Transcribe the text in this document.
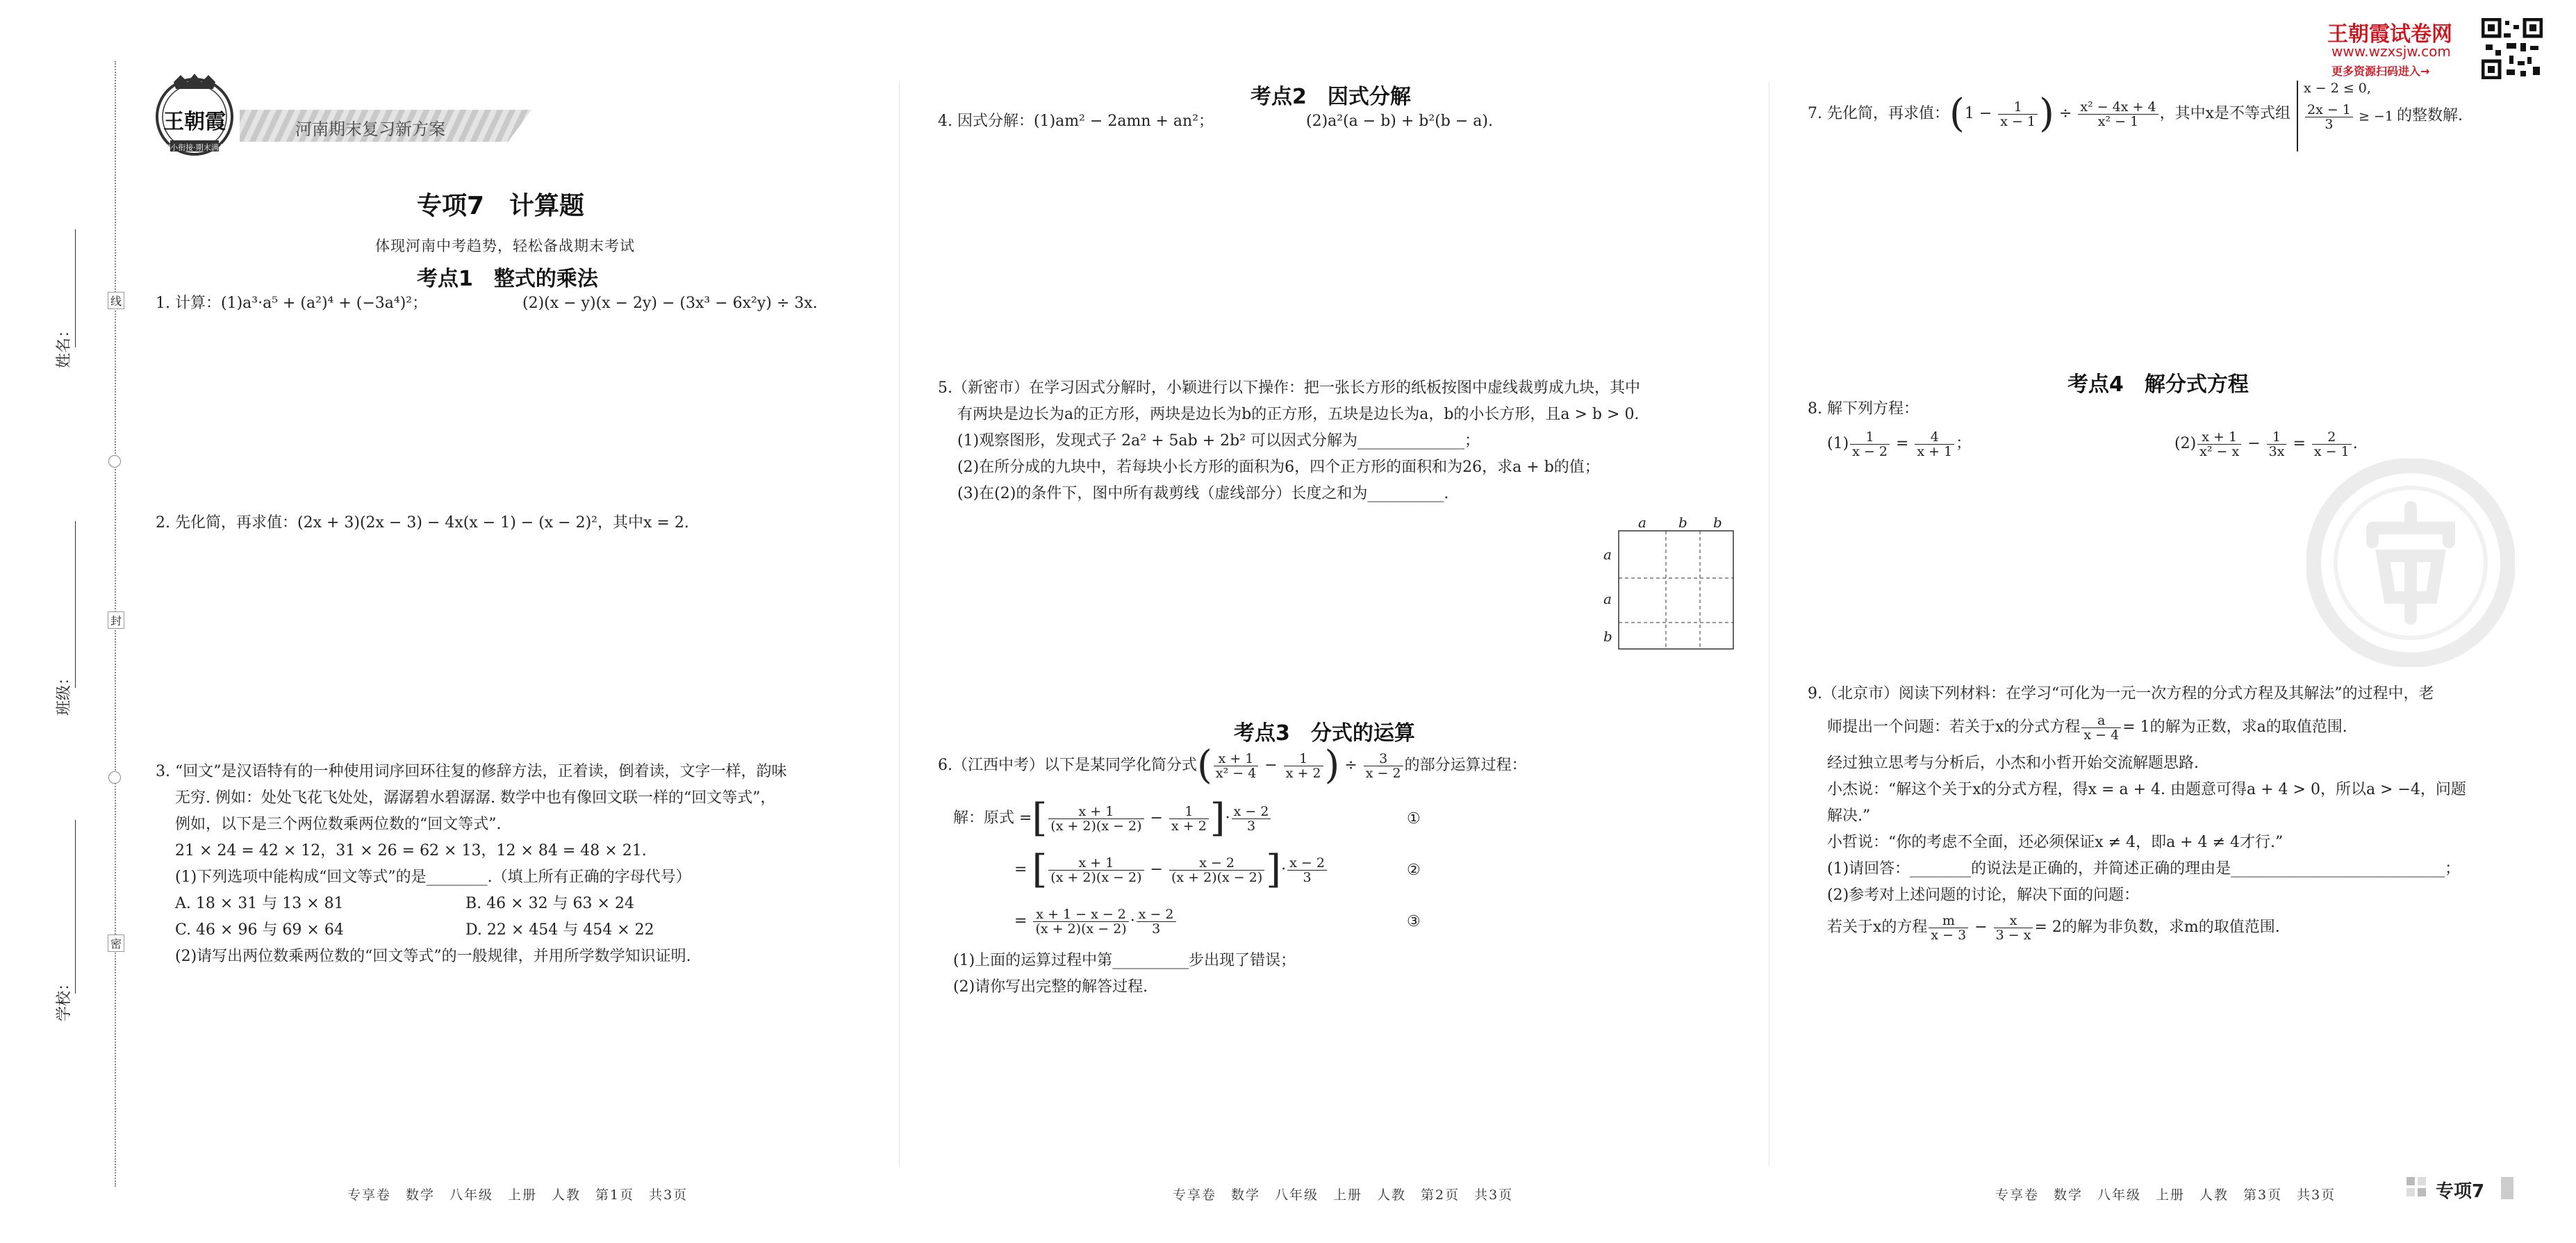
线
封
密
姓名：
班级：
学校：
王朝霞
初小衔接·期末满分
河南期末复习新方案
专项7　计算题
体现河南中考趋势，轻松备战期末考试
考点1　整式的乘法
1. 计算：(1)a³·a⁵ + (a²)⁴ + (−3a⁴)²；	(2)(x − y)(x − 2y) − (3x³ − 6x²y) ÷ 3x.
2. 先化简，再求值：(2x + 3)(2x − 3) − 4x(x − 1) − (x − 2)²，其中x = 2.
3. “回文”是汉语特有的一种使用词序回环往复的修辞方法，正着读，倒着读，文字一样，韵味
无穷. 例如：处处飞花飞处处，潺潺碧水碧潺潺. 数学中也有像回文联一样的“回文等式”，
例如，以下是三个两位数乘两位数的“回文等式”.
21 × 24 = 42 × 12，31 × 26 = 62 × 13，12 × 84 = 48 × 21.
(1)下列选项中能构成“回文等式”的是________.（填上所有正确的字母代号）
A. 18 × 31 与 13 × 81	B. 46 × 32 与 63 × 24
C. 46 × 96 与 69 × 64	D. 22 × 454 与 454 × 22
(2)请写出两位数乘两位数的“回文等式”的一般规律，并用所学数学知识证明.
专享卷　数学　八年级　上册　人教　第1页　共3页
考点2　因式分解
4. 因式分解：(1)am² − 2amn + an²；	(2)a²(a − b) + b²(b − a).
5.（新密市）在学习因式分解时，小颖进行以下操作：把一张长方形的纸板按图中虚线裁剪成九块，其中
有两块是边长为a的正方形，两块是边长为b的正方形，五块是边长为a，b的小长方形，且a > b > 0.
(1)观察图形，发现式子 2a² + 5ab + 2b² 可以因式分解为______________；
(2)在所分成的九块中，若每块小长方形的面积为6，四个正方形的面积和为26，求a + b的值；
(3)在(2)的条件下，图中所有裁剪线（虚线部分）长度之和为__________.
a b b
a
a
b
考点3　分式的运算
6.（江西中考）以下是某同学化简分式( $\frac{x + 1}{\text{x² − 4}} - \frac{1}{x + 2}$ ) ÷ $\frac{3}{x - 2}$ 的部分运算过程：
解：原式 =[ $\frac{x + 1}{(x + 2)(x - 2)} - \frac{1}{x + 2}$ ]· $\frac{x - 2}{3}$	①
= [ $\frac{x + 1}{(x + 2)(x - 2)} - \frac{x - 2}{(x + 2)(x - 2)}$ ]· $\frac{x - 2}{3}$	②
= $\frac{x + 1 - x - 2}{(x + 2)(x - 2)} \cdot \frac{x - 2}{3}$	③
(1)上面的运算过程中第__________步出现了错误；
(2)请你写出完整的解答过程.
专享卷　数学　八年级　上册　人教　第2页　共3页
王朝霞试卷网
www.wzxsjw.com
更多资源扫码进入→
7. 先化简，再求值：($1 - \frac{1}{x - 1}$ ) ÷ $\frac{\text{x² − 4x + 4}}{\text{x² − 1}}$ ，其中x是不等式组
x − 2 ≤ 0,
$\frac{2x - 1}{3} \ge -1$ 的整数解.
考点4　解分式方程
8. 解下列方程：
$(1) \frac{1}{x - 2} = \frac{4}{x + 1}$ ；	$(2) \frac{x + 1}{\text{x² − x}} - \frac{1}{3x} = \frac{2}{x - 1}$ .
9.（北京市）阅读下列材料：在学习“可化为一元一次方程的分式方程及其解法”的过程中，老
师提出一个问题：若关于x的分式方程 $\frac{a}{x - 4} = 1$的解为正数，求a的取值范围.
经过独立思考与分析后，小杰和小哲开始交流解题思路.
小杰说：“解这个关于x的分式方程，得x = a + 4. 由题意可得a + 4 > 0，所以a > −4，问题
解决.”
小哲说：“你的考虑不全面，还必须保证x ≠ 4，即a + 4 ≠ 4才行.”
(1)请回答：________的说法是正确的，并简述正确的理由是____________________________；
(2)参考对上述问题的讨论，解决下面的问题：
若关于x的方程 $\frac{m}{x - 3} - \frac{x}{3 - x} = 2$的解为非负数，求m的取值范围.
专享卷　数学　八年级　上册　人教　第3页　共3页	专项7
